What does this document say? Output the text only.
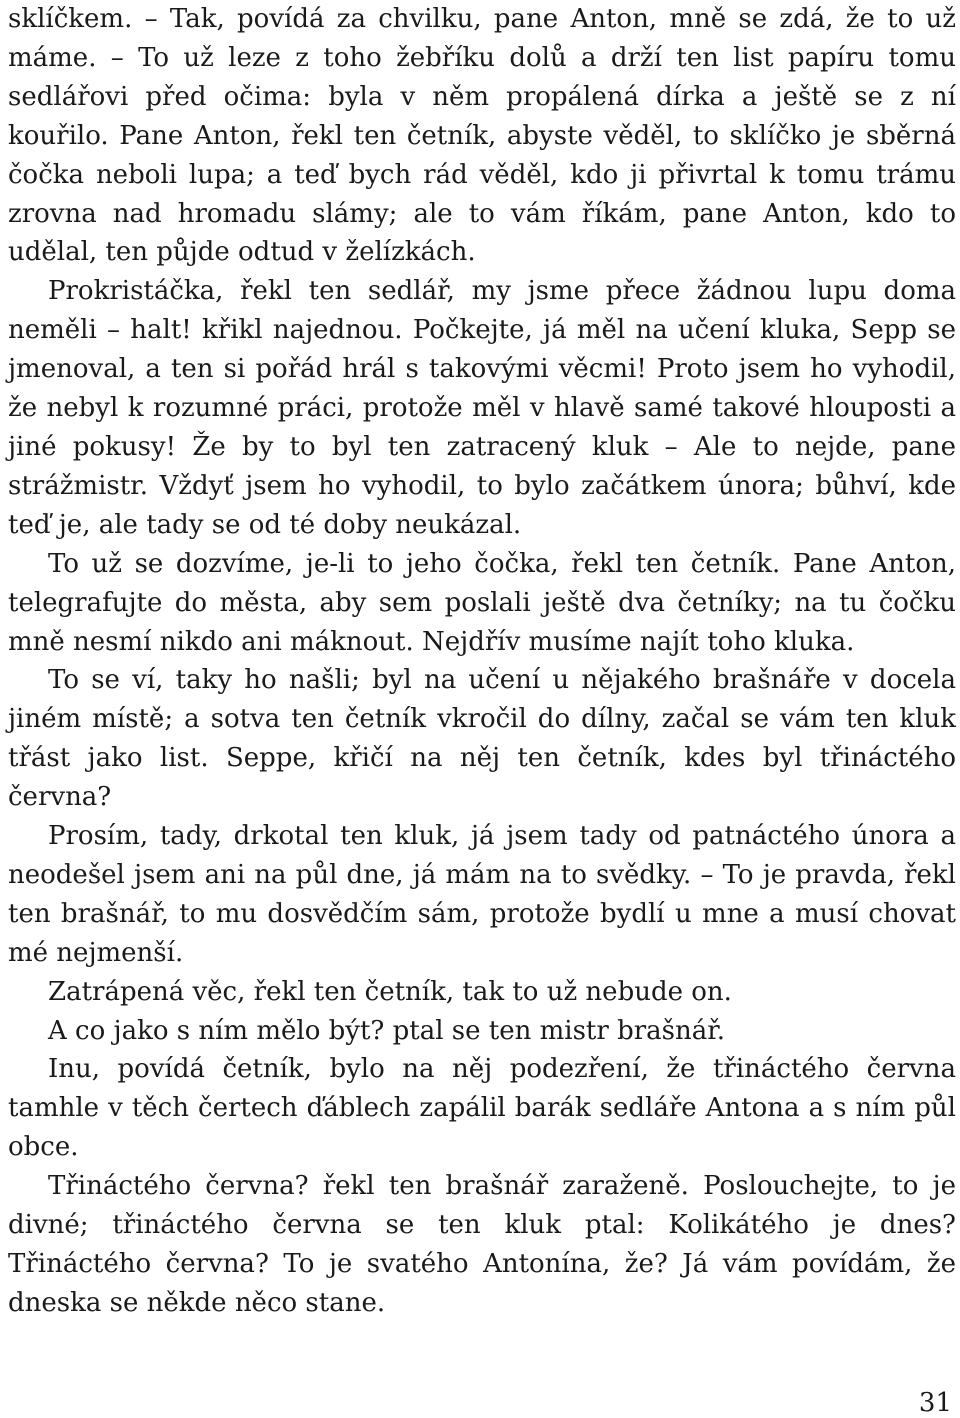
sklíčkem. – Tak, povídá za chvilku, pane Anton, mně se zdá, že to už máme. – To už leze z toho žebříku dolů a drží ten list papíru tomu sedlářovi před očima: byla v něm propálená dírka a ještě se z ní kouřilo. Pane Anton, řekl ten četník, abyste věděl, to sklíčko je sběrná čočka neboli lupa; a teď bych rád věděl, kdo ji přivrtal k tomu trámu zrovna nad hromadu slámy; ale to vám říkám, pane Anton, kdo to udělal, ten půjde odtud v želízkách.

Prokristáčka, řekl ten sedlář, my jsme přece žádnou lupu doma neměli – halt! křikl najednou. Počkejte, já měl na učení kluka, Sepp se jmenoval, a ten si pořád hrál s takovými věcmi! Proto jsem ho vyhodil, že nebyl k rozumné práci, protože měl v hlavě samé takové hlouposti a jiné pokusy! Že by to byl ten zatracený kluk – Ale to nejde, pane strážmistr. Vždyť jsem ho vyhodil, to bylo začátkem února; bůhví, kde teď je, ale tady se od té doby neukázal.

To už se dozvíme, je-li to jeho čočka, řekl ten četník. Pane Anton, telegrafujte do města, aby sem poslali ještě dva četníky; na tu čočku mně nesmí nikdo ani máknout. Nejdřív musíme najít toho kluka.

To se ví, taky ho našli; byl na učení u nějakého brašnáře v docela jiném místě; a sotva ten četník vkročil do dílny, začal se vám ten kluk třást jako list. Seppe, křičí na něj ten četník, kdes byl třináctého června?

Prosím, tady, drkotal ten kluk, já jsem tady od patnáctého února a neodešel jsem ani na půl dne, já mám na to svědky. – To je pravda, řekl ten brašnář, to mu dosvědčím sám, protože bydlí u mne a musí chovat mé nejmenší.

Zatrápená věc, řekl ten četník, tak to už nebude on.

A co jako s ním mělo být? ptal se ten mistr brašnář.

Inu, povídá četník, bylo na něj podezření, že třináctého června tamhle v těch čertech ďáblech zapálil barák sedláře Antona a s ním půl obce.

Třináctého června? řekl ten brašnář zaraženě. Poslouchejte, to je divné; třináctého června se ten kluk ptal: Kolikátého je dnes? Třináctého června? To je svatého Antonína, že? Já vám povídám, že dneska se někde něco stane.

31
